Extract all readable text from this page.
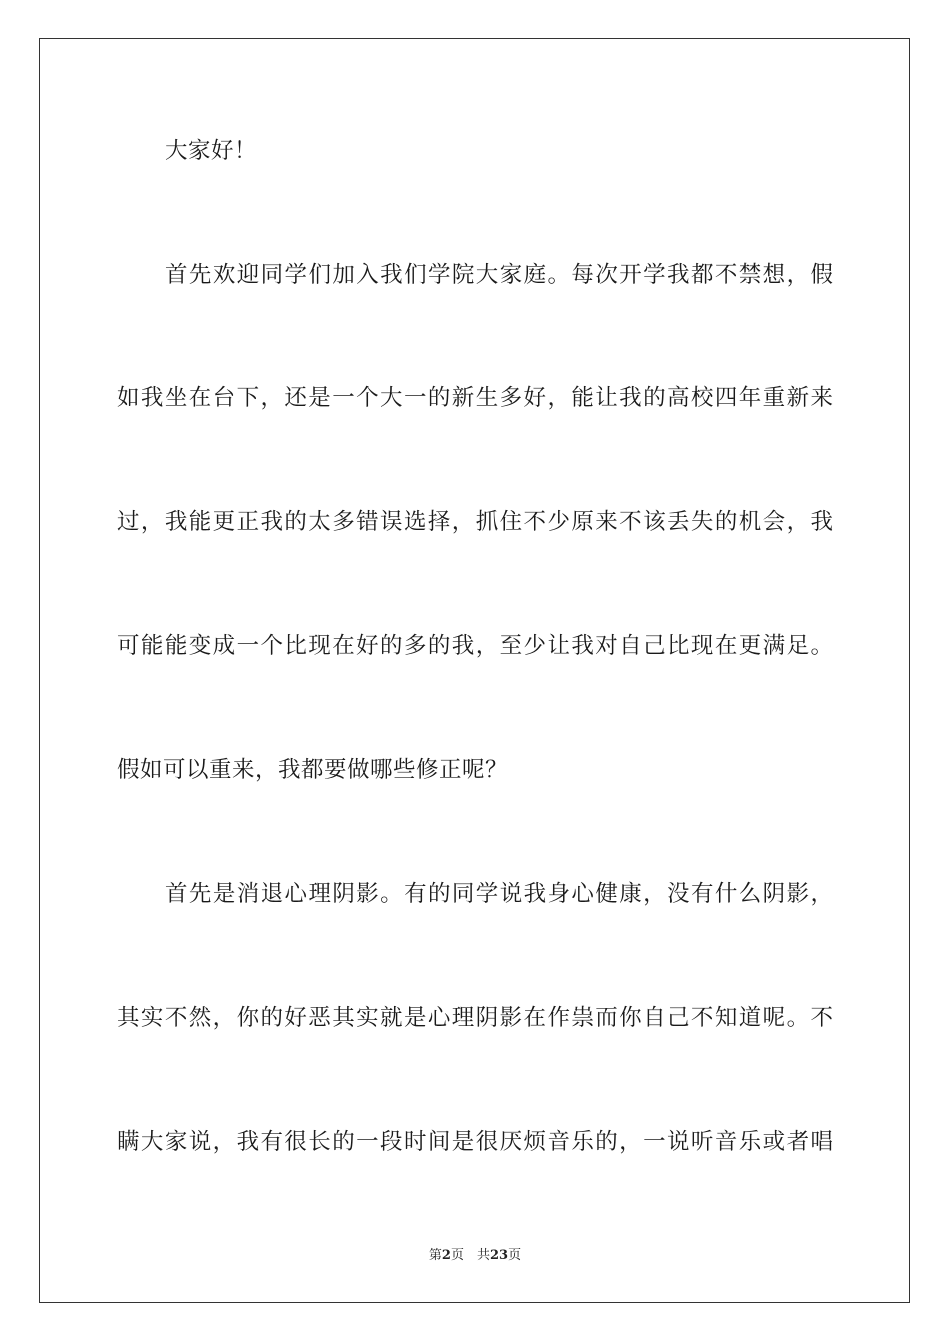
大家好！
首先欢迎同学们加入我们学院大家庭。每次开学我都不禁想，假
如我坐在台下，还是一个大一的新生多好，能让我的高校四年重新来
过，我能更正我的太多错误选择，抓住不少原来不该丢失的机会，我
可能能变成一个比现在好的多的我，至少让我对自己比现在更满足。
假如可以重来，我都要做哪些修正呢？
首先是消退心理阴影。有的同学说我身心健康，没有什么阴影，
其实不然，你的好恶其实就是心理阴影在作祟而你自己不知道呢。不
瞒大家说，我有很长的一段时间是很厌烦音乐的，一说听音乐或者唱
第2页　共23页
